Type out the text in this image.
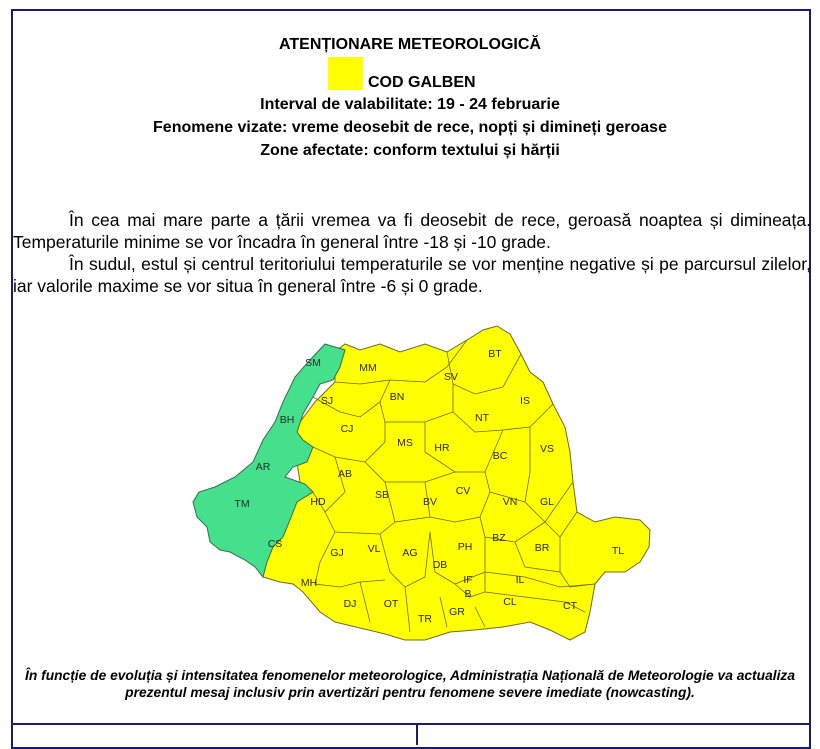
ATENȚIONARE METEOROLOGICĂ
COD GALBEN
Interval de valabilitate: 19 - 24 februarie
Fenomene vizate: vreme deosebit de rece, nopți și dimineți geroase
Zone afectate: conform textului și hărții
În cea mai mare parte a țării vremea va fi deosebit de rece, geroasă noaptea și dimineața. Temperaturile minime se vor încadra în general între -18 și -10 grade.
În sudul, estul și centrul teritoriului temperaturile se vor menține negative și pe parcursul zilelor, iar valorile maxime se vor situa în general între -6 și 0 grade.
SM	MM
BT
SV
SJ	BN	IS
BH
CJ
NT
MS HR
BC
VS
AR
AB
SB	CV
BV
HD
TM	VN GL
CS
GJ VL AG	PH
BZ
BR	TL
DB
MH	IF	IL
B
DJ	OT	CL	CT
GR
TR
În funcție de evoluția și intensitatea fenomenelor meteorologice, Administrația Națională de Meteorologie va actualiza prezentul mesaj inclusiv prin avertizări pentru fenomene severe imediate (nowcasting).
